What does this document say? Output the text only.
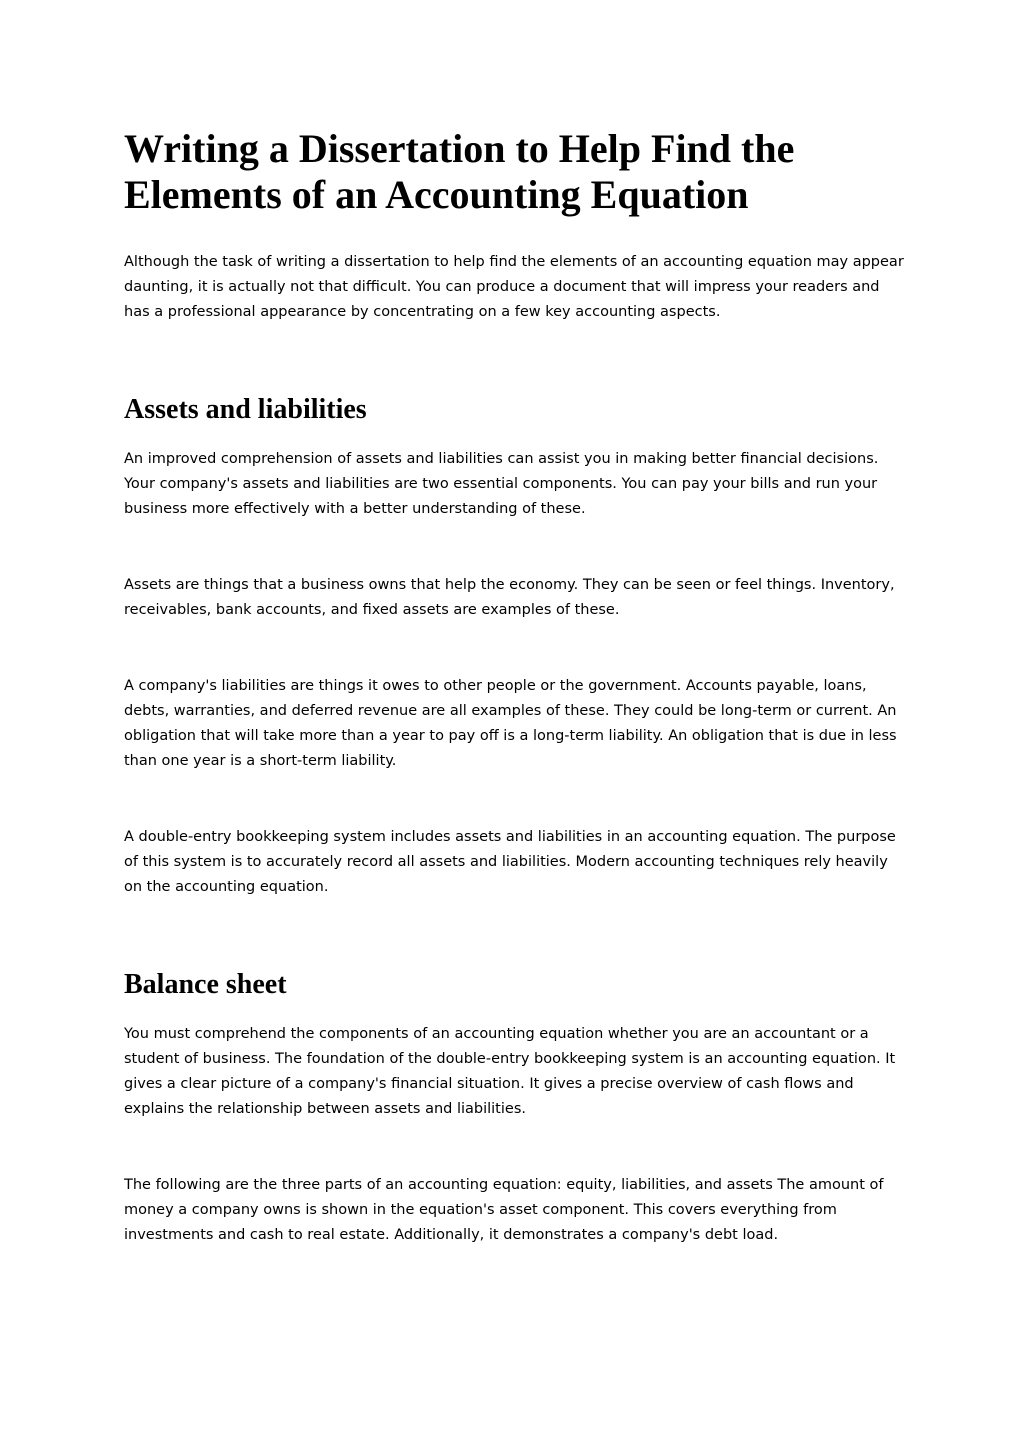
Writing a Dissertation to Help Find the Elements of an Accounting Equation

Although the task of writing a dissertation to help find the elements of an accounting equation may appear daunting, it is actually not that difficult. You can produce a document that will impress your readers and has a professional appearance by concentrating on a few key accounting aspects.

Assets and liabilities

An improved comprehension of assets and liabilities can assist you in making better financial decisions. Your company's assets and liabilities are two essential components. You can pay your bills and run your business more effectively with a better understanding of these.

Assets are things that a business owns that help the economy. They can be seen or feel things. Inventory, receivables, bank accounts, and fixed assets are examples of these.

A company's liabilities are things it owes to other people or the government. Accounts payable, loans, debts, warranties, and deferred revenue are all examples of these. They could be long-term or current. An obligation that will take more than a year to pay off is a long-term liability. An obligation that is due in less than one year is a short-term liability.

A double-entry bookkeeping system includes assets and liabilities in an accounting equation. The purpose of this system is to accurately record all assets and liabilities. Modern accounting techniques rely heavily on the accounting equation.

Balance sheet

You must comprehend the components of an accounting equation whether you are an accountant or a student of business. The foundation of the double-entry bookkeeping system is an accounting equation. It gives a clear picture of a company's financial situation. It gives a precise overview of cash flows and explains the relationship between assets and liabilities.

The following are the three parts of an accounting equation: equity, liabilities, and assets The amount of money a company owns is shown in the equation's asset component. This covers everything from investments and cash to real estate. Additionally, it demonstrates a company's debt load.
